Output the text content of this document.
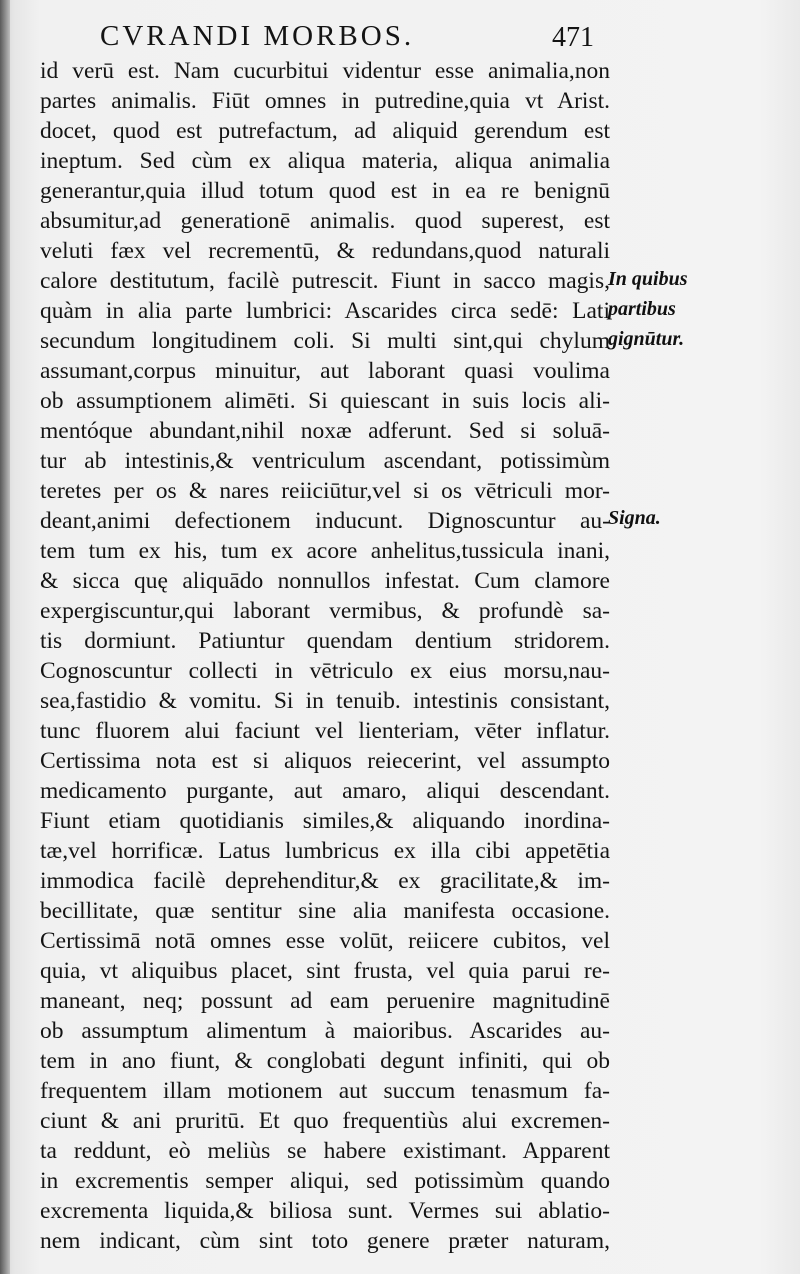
CVRANDI MORBOS.	471
id verū est. Nam cucurbitui videntur esse animalia,non
partes animalis. Fiūt omnes in putredine,quia vt Arist.
docet, quod est putrefactum, ad aliquid gerendum est
ineptum. Sed cùm ex aliqua materia, aliqua animalia
generantur,quia illud totum quod est in ea re benignū
absumitur,ad generationē animalis. quod superest, est
veluti fæx vel recrementū, & redundans,quod naturali
calore destitutum, facilè putrescit. Fiunt in sacco magis,
quàm in alia parte lumbrici: Ascarides circa sedē: Lati
secundum longitudinem coli. Si multi sint,qui chylum
assumant,corpus minuitur, aut laborant quasi voulima
ob assumptionem alimēti. Si quiescant in suis locis ali-
mentóque abundant,nihil noxæ adferunt. Sed si soluā-
tur ab intestinis,& ventriculum ascendant, potissimùm
teretes per os & nares reiiciūtur,vel si os vētriculi mor-
deant,animi defectionem inducunt. Dignoscuntur au-
tem tum ex his, tum ex acore anhelitus,tussicula inani,
& sicca quę aliquādo nonnullos infestat. Cum clamore
expergiscuntur,qui laborant vermibus, & profundè sa-
tis dormiunt. Patiuntur quendam dentium stridorem.
Cognoscuntur collecti in vētriculo ex eius morsu,nau-
sea,fastidio & vomitu. Si in tenuib. intestinis consistant,
tunc fluorem alui faciunt vel lienteriam, vēter inflatur.
Certissima nota est si aliquos reiecerint, vel assumpto
medicamento purgante, aut amaro, aliqui descendant.
Fiunt etiam quotidianis similes,& aliquando inordina-
tæ,vel horrificæ. Latus lumbricus ex illa cibi appetētia
immodica facilè deprehenditur,& ex gracilitate,& im-
becillitate, quæ sentitur sine alia manifesta occasione.
Certissimā notā omnes esse volūt, reiicere cubitos, vel
quia, vt aliquibus placet, sint frusta, vel quia parui re-
maneant, neq; possunt ad eam peruenire magnitudinē
ob assumptum alimentum à maioribus. Ascarides au-
tem in ano fiunt, & conglobati degunt infiniti, qui ob
frequentem illam motionem aut succum tenasmum fa-
ciunt & ani pruritū. Et quo frequentiùs alui excremen-
ta reddunt, eò meliùs se habere existimant. Apparent
in excrementis semper aliqui, sed potissimùm quando
excrementa liquida,& biliosa sunt. Vermes sui ablatio-
nem indicant, cùm sint toto genere præter naturam,
In quibus
partibus
gignūtur.
Signa.
